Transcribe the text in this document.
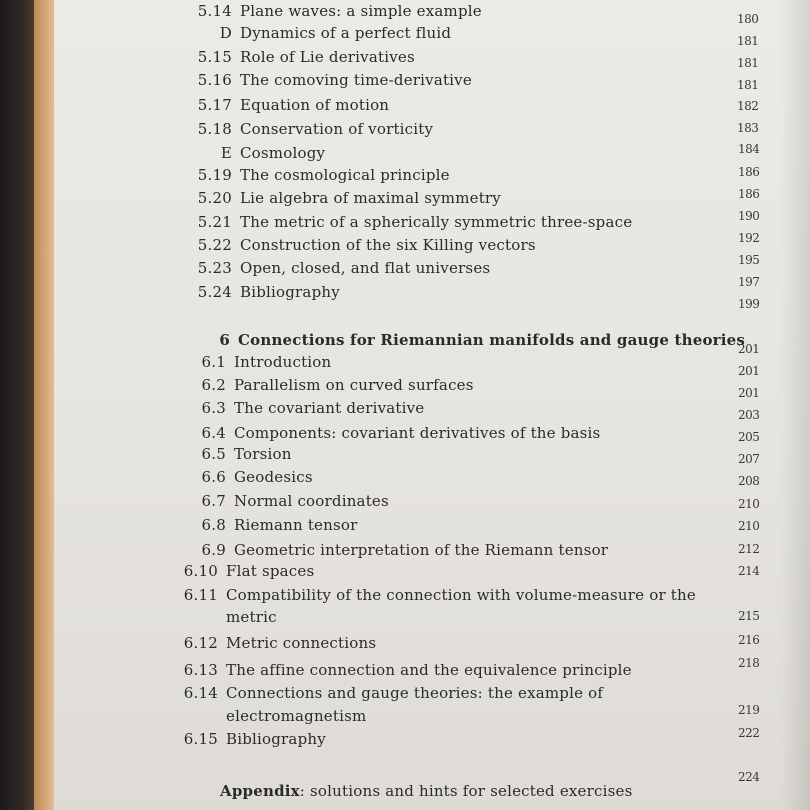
5.14 Plane waves: a simple example
D Dynamics of a perfect fluid
5.15 Role of Lie derivatives
5.16 The comoving time-derivative
5.17 Equation of motion
5.18 Conservation of vorticity
E Cosmology
5.19 The cosmological principle
5.20 Lie algebra of maximal symmetry
5.21 The metric of a spherically symmetric three-space
5.22 Construction of the six Killing vectors
5.23 Open, closed, and flat universes
5.24 Bibliography
6 Connections for Riemannian manifolds and gauge theories
6.1 Introduction
6.2 Parallelism on curved surfaces
6.3 The covariant derivative
6.4 Components: covariant derivatives of the basis
6.5 Torsion
6.6 Geodesics
6.7 Normal coordinates
6.8 Riemann tensor
6.9 Geometric interpretation of the Riemann tensor
6.10 Flat spaces
6.11 Compatibility of the connection with volume-measure or the
metric
6.12 Metric connections
6.13 The affine connection and the equivalence principle
6.14 Connections and gauge theories: the example of
electromagnetism
6.15 Bibliography
Appendix: solutions and hints for selected exercises
180
181
181
181
182
183
184
186
186
190
192
195
197
199
201
201
201
203
205
207
208
210
210
212
214
215
216
218
219
222
224
